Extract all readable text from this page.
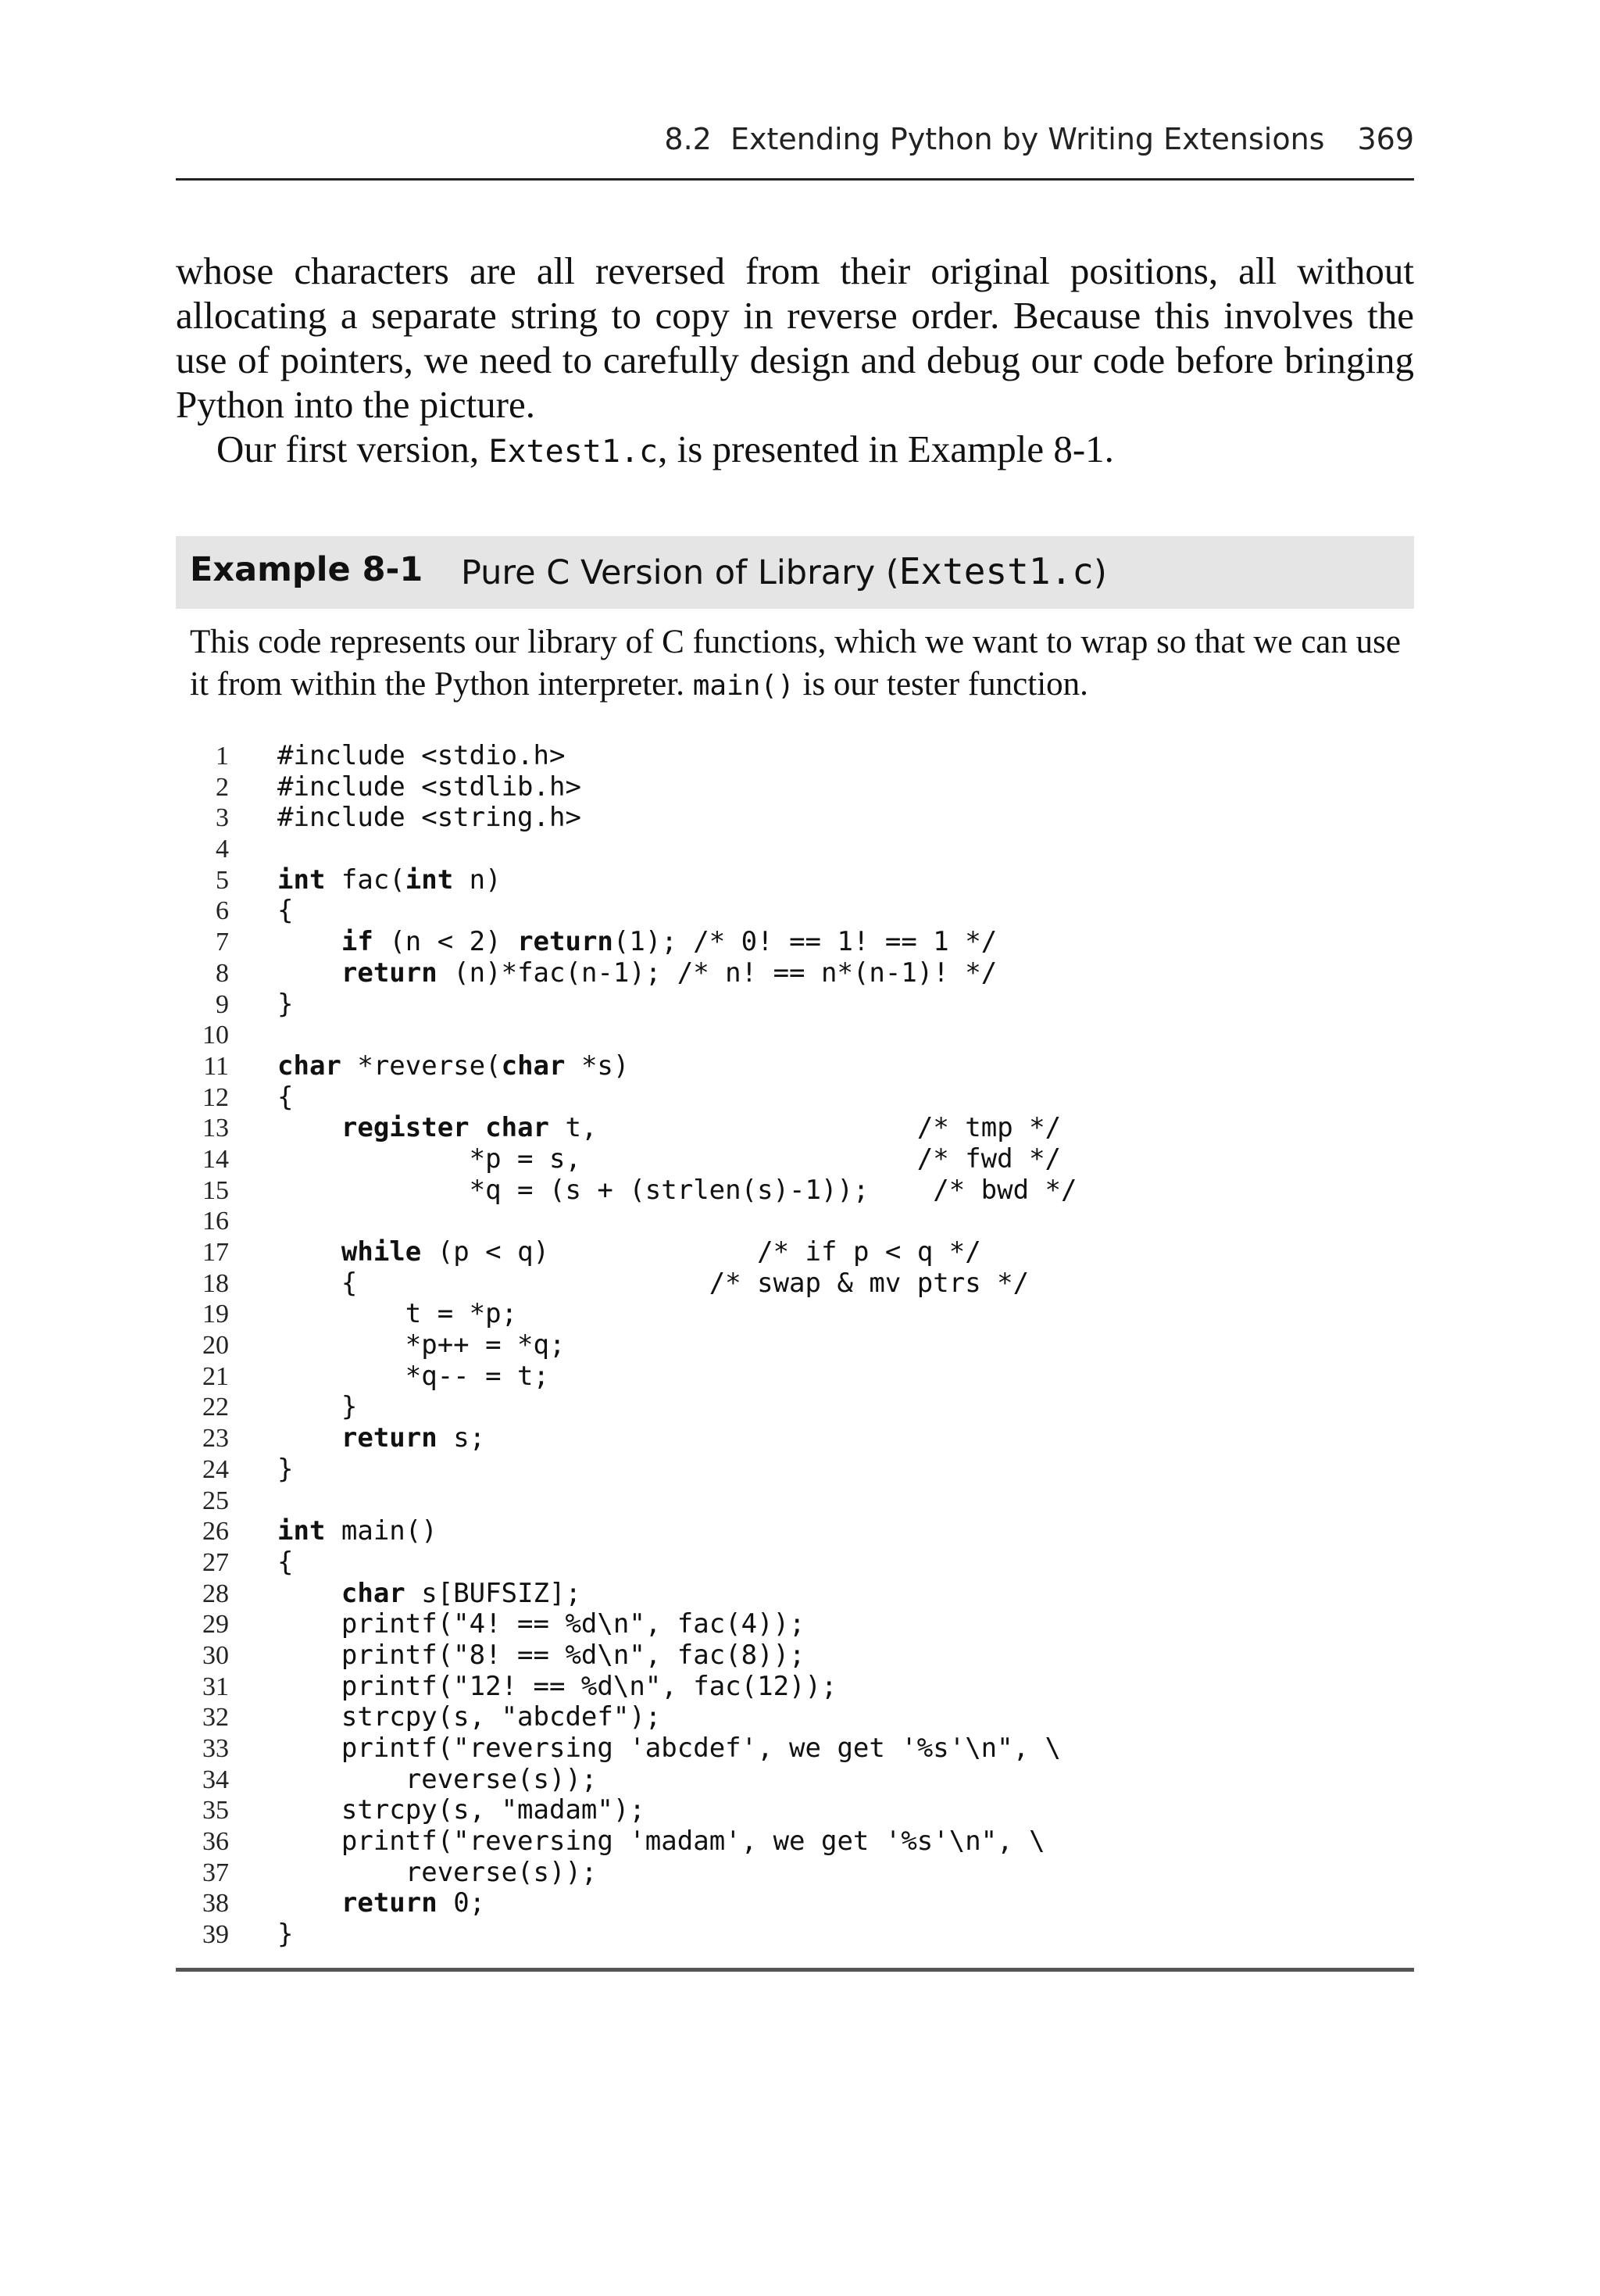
8.2  Extending Python by Writing Extensions 369

whose characters are all reversed from their original positions, all without allocating a separate string to copy in reverse order. Because this involves the use of pointers, we need to carefully design and debug our code before bringing Python into the picture.

Our first version, Extest1.c, is presented in Example 8-1.

Example 8-1 Pure C Version of Library (Extest1.c)

This code represents our library of C functions, which we want to wrap so that we can use it from within the Python interpreter. main() is our tester function.

1 #include <stdio.h>
2 #include <stdlib.h>
3 #include <string.h>
4
5 int fac(int n)
6 {
7	if (n < 2) return(1); /* 0! == 1! == 1 */
8	return (n)*fac(n-1); /* n! == n*(n-1)! */
9 }
10
11 char *reverse(char *s)
12 {
13	register char t,                    /* tmp */
14 *p = s,                     /* fwd */
15 *q = (s + (strlen(s)-1));    /* bwd */
16
17	while (p < q)             /* if p < q */
18 {                      /* swap & mv ptrs */
19 t = *p;
20 *p++ = *q;
21 *q-- = t;
22 }
23	return s;
24 }
25
26 int main()
27 {
28	char s[BUFSIZ];
29 printf("4! == %d\n", fac(4));
30 printf("8! == %d\n", fac(8));
31 printf("12! == %d\n", fac(12));
32 strcpy(s, "abcdef");
33 printf("reversing 'abcdef', we get '%s'\n", \
34 reverse(s));
35 strcpy(s, "madam");
36 printf("reversing 'madam', we get '%s'\n", \
37 reverse(s));
38	return 0;
39 }
